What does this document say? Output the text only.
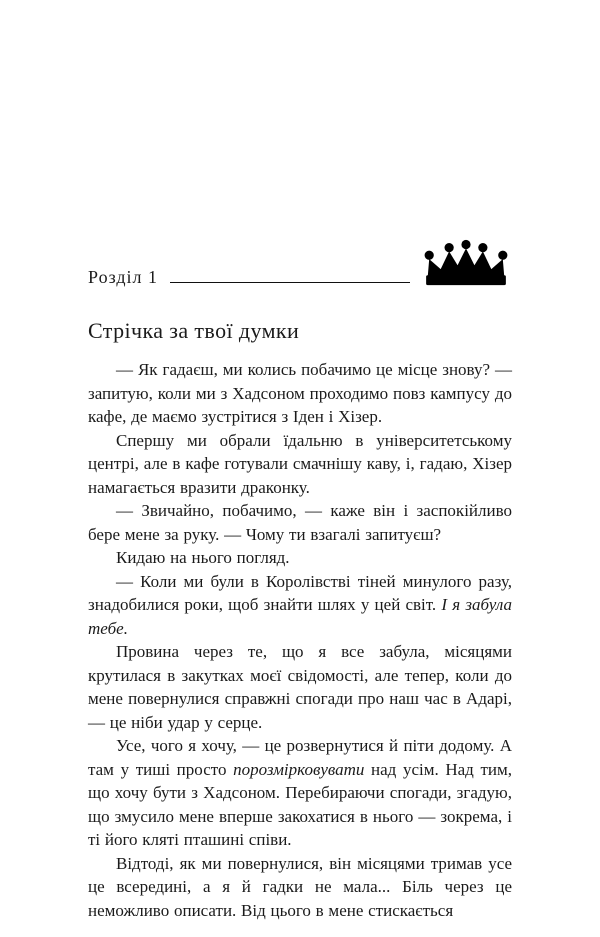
Розділ 1
Стрічка за твої думки

— Як гадаєш, ми колись побачимо це місце знову? — запитую, коли ми з Хадсоном проходимо повз кампусу до кафе, де маємо зустрітися з Іден і Хізер.

Спершу ми обрали їдальню в університетському центрі, але в кафе готували смачнішу каву, і, гадаю, Хізер намагається вразити драконку.

— Звичайно, побачимо, — каже він і заспокійливо бере мене за руку. — Чому ти взагалі запитуєш?

Кидаю на нього погляд.

— Коли ми були в Королівстві тіней минулого разу, знадобилися роки, щоб знайти шлях у цей світ. І я забула тебе.

Провина через те, що я все забула, місяцями крутилася в закутках моєї свідомості, але тепер, коли до мене повернулися справжні спогади про наш час в Адарі, — це ніби удар у серце.

Усе, чого я хочу, — це розвернутися й піти додому. А там у тиші просто порозмірковувати над усім. Над тим, що хочу бути з Хадсоном. Перебираючи спогади, згадую, що змусило мене вперше закохатися в нього — зокрема, і ті його кляті пташині співи.

Відтоді, як ми повернулися, він місяцями тримав усе це всередині, а я й гадки не мала... Біль через це неможливо описати. Від цього в мене стискається
